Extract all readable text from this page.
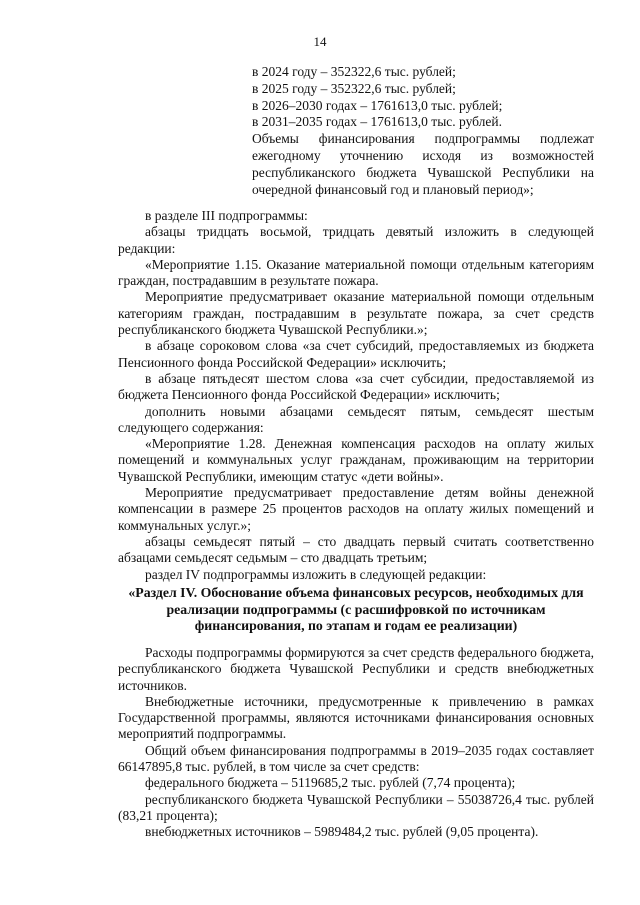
14

в 2024 году – 352322,6 тыс. рублей;

в 2025 году – 352322,6 тыс. рублей;

в 2026–2030 годах – 1761613,0 тыс. рублей;

в 2031–2035 годах – 1761613,0 тыс. рублей.

Объемы финансирования подпрограммы подлежат ежегодному уточнению исходя из возможностей республиканского бюджета Чувашской Республики на очередной финансовый год и плановый период»;

в разделе III подпрограммы:

абзацы тридцать восьмой, тридцать девятый изложить в следующей редакции:

«Мероприятие 1.15. Оказание материальной помощи отдельным категориям граждан, пострадавшим в результате пожара.

Мероприятие предусматривает оказание материальной помощи отдельным категориям граждан, пострадавшим в результате пожара, за счет средств республиканского бюджета Чувашской Республики.»;

в абзаце сороковом слова «за счет субсидий, предоставляемых из бюджета Пенсионного фонда Российской Федерации» исключить;

в абзаце пятьдесят шестом слова «за счет субсидии, предоставляемой из бюджета Пенсионного фонда Российской Федерации» исключить;

дополнить новыми абзацами семьдесят пятым, семьдесят шестым следующего содержания:

«Мероприятие 1.28. Денежная компенсация расходов на оплату жилых помещений и коммунальных услуг гражданам, проживающим на территории Чувашской Республики, имеющим статус «дети войны».

Мероприятие предусматривает предоставление детям войны денежной компенсации в размере 25 процентов расходов на оплату жилых помещений и коммунальных услуг.»;

абзацы семьдесят пятый – сто двадцать первый считать соответственно абзацами семьдесят седьмым – сто двадцать третьим;

раздел IV подпрограммы изложить в следующей редакции:

«Раздел IV. Обоснование объема финансовых ресурсов, необходимых для реализации подпрограммы (с расшифровкой по источникам финансирования, по этапам и годам ее реализации)

Расходы подпрограммы формируются за счет средств федерального бюджета, республиканского бюджета Чувашской Республики и средств внебюджетных источников.

Внебюджетные источники, предусмотренные к привлечению в рамках Государственной программы, являются источниками финансирования основных мероприятий подпрограммы.

Общий объем финансирования подпрограммы в 2019–2035 годах составляет 66147895,8 тыс. рублей, в том числе за счет средств:

федерального бюджета – 5119685,2 тыс. рублей (7,74 процента);

республиканского бюджета Чувашской Республики – 55038726,4 тыс. рублей (83,21 процента);

внебюджетных источников – 5989484,2 тыс. рублей (9,05 процента).
